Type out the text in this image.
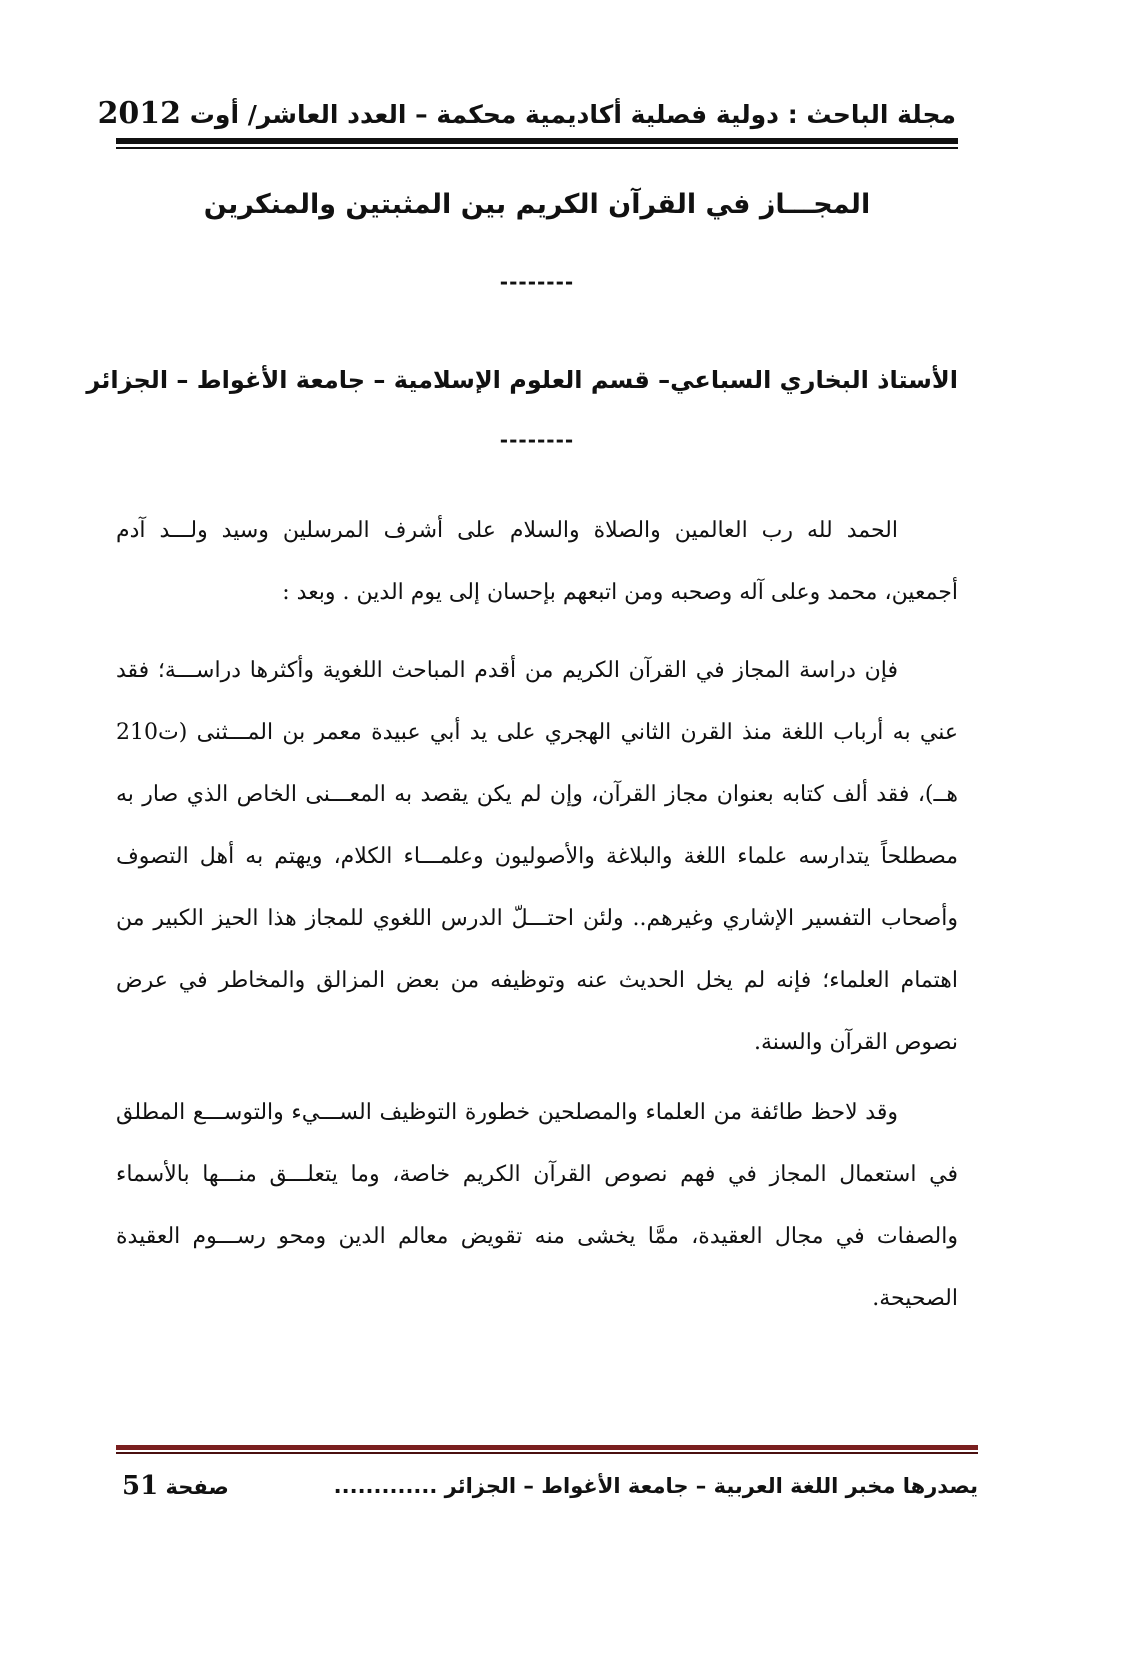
مجلة الباحث : دولية فصلية أكاديمية محكمة – العدد العاشر/ أوت 2012
المجـــاز في القرآن الكريم بين المثبتين والمنكرين
--------
الأستاذ البخاري السباعي– قسم العلوم الإسلامية – جامعة الأغواط – الجزائر
--------
الحمد لله رب العالمين والصلاة والسلام على أشرف المرسلين وسيد ولـــد آدم أجمعين، محمد وعلى آله وصحبه ومن اتبعهم بإحسان إلى يوم الدين . وبعد :
فإن دراسة المجاز في القرآن الكريم من أقدم المباحث اللغوية وأكثرها دراســـة؛ فقد عني به أرباب اللغة منذ القرن الثاني الهجري على يد أبي عبيدة معمر بن المـــثنى (ت210 هــ)، فقد ألف كتابه بعنوان مجاز القرآن، وإن لم يكن يقصد به المعـــنى الخاص الذي صار به مصطلحاً يتدارسه علماء اللغة والبلاغة والأصوليون وعلمـــاء الكلام، ويهتم به أهل التصوف وأصحاب التفسير الإشاري وغيرهم.. ولئن احتـــلّ الدرس اللغوي للمجاز هذا الحيز الكبير من اهتمام العلماء؛ فإنه لم يخل الحديث عنه وتوظيفه من بعض المزالق والمخاطر في عرض نصوص القرآن والسنة.
وقد لاحظ طائفة من العلماء والمصلحين خطورة التوظيف الســـيء والتوســـع المطلق في استعمال المجاز في فهم نصوص القرآن الكريم خاصة، وما يتعلـــق منـــها بالأسماء والصفات في مجال العقيدة، ممَّا يخشى منه تقويض معالم الدين ومحو رســـوم العقيدة الصحيحة.
يصدرها مخبر اللغة العربية – جامعة الأغواط – الجزائر .............
صفحة 51
